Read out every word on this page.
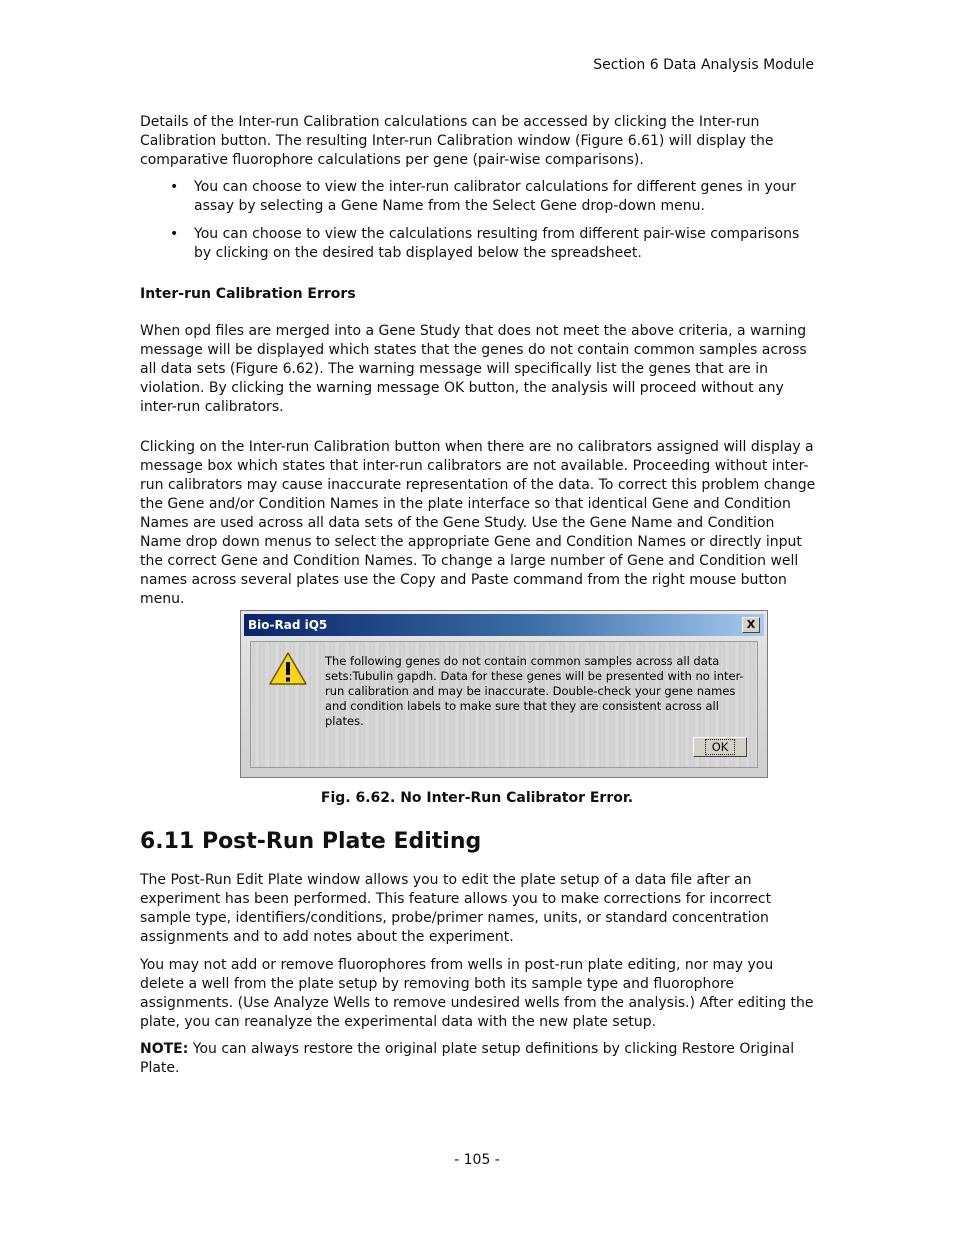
Section 6 Data Analysis Module

Details of the Inter-run Calibration calculations can be accessed by clicking the Inter-run Calibration button. The resulting Inter-run Calibration window (Figure 6.61) will display the comparative fluorophore calculations per gene (pair-wise comparisons).

• You can choose to view the inter-run calibrator calculations for different genes in your assay by selecting a Gene Name from the Select Gene drop-down menu.
• You can choose to view the calculations resulting from different pair-wise comparisons by clicking on the desired tab displayed below the spreadsheet.
Inter-run Calibration Errors

When opd files are merged into a Gene Study that does not meet the above criteria, a warning message will be displayed which states that the genes do not contain common samples across all data sets (Figure 6.62). The warning message will specifically list the genes that are in violation. By clicking the warning message OK button, the analysis will proceed without any inter-run calibrators.

Clicking on the Inter-run Calibration button when there are no calibrators assigned will display a message box which states that inter-run calibrators are not available. Proceeding without inter-run calibrators may cause inaccurate representation of the data. To correct this problem change the Gene and/or Condition Names in the plate interface so that identical Gene and Condition Names are used across all data sets of the Gene Study. Use the Gene Name and Condition Name drop down menus to select the appropriate Gene and Condition Names or directly input the correct Gene and Condition Names. To change a large number of Gene and Condition well names across several plates use the Copy and Paste command from the right mouse button menu.

Bio-Rad iQ5	X
The following genes do not contain common samples across all data sets:Tubulin gapdh. Data for these genes will be presented with no inter-run calibration and may be inaccurate. Double-check your gene names and condition labels to make sure that they are consistent across all plates.
OK
Fig. 6.62. No Inter-Run Calibrator Error.
6.11 Post-Run Plate Editing

The Post-Run Edit Plate window allows you to edit the plate setup of a data file after an experiment has been performed. This feature allows you to make corrections for incorrect sample type, identifiers/conditions, probe/primer names, units, or standard concentration assignments and to add notes about the experiment.

You may not add or remove fluorophores from wells in post-run plate editing, nor may you delete a well from the plate setup by removing both its sample type and fluorophore assignments. (Use Analyze Wells to remove undesired wells from the analysis.) After editing the plate, you can reanalyze the experimental data with the new plate setup.

NOTE: You can always restore the original plate setup definitions by clicking Restore Original Plate.

- 105 -
